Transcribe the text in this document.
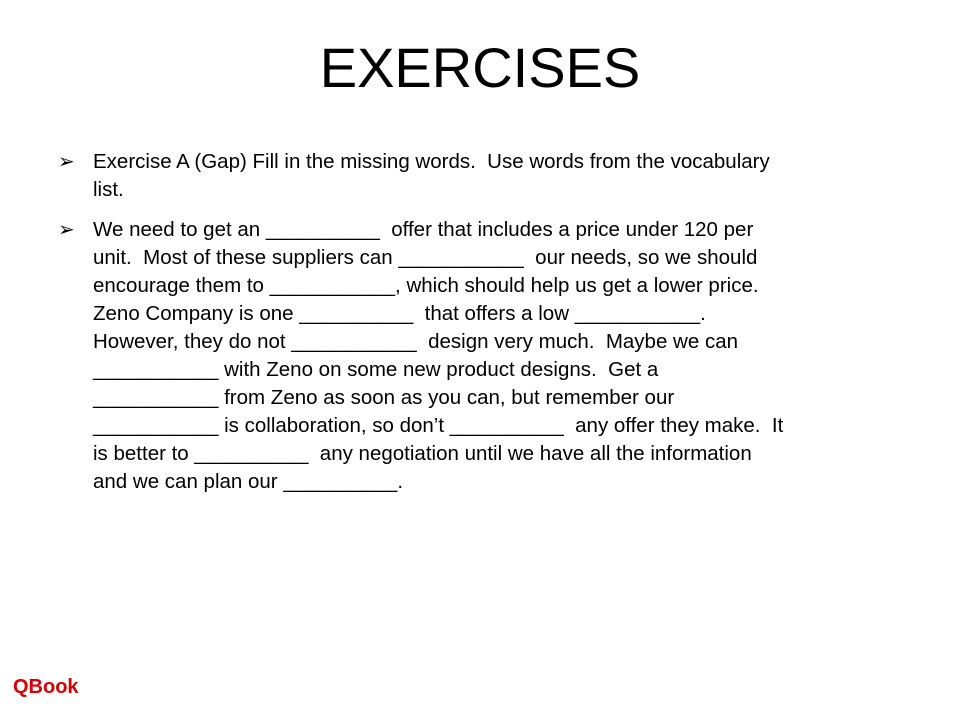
EXERCISES
➢ Exercise A (Gap) Fill in the missing words.  Use words from the vocabulary
list.
➢ We need to get an __________  offer that includes a price under 120 per
unit.  Most of these suppliers can ___________  our needs, so we should
encourage them to ___________, which should help us get a lower price.
Zeno Company is one __________  that offers a low ___________.
However, they do not ___________  design very much.  Maybe we can
___________ with Zeno on some new product designs.  Get a
___________ from Zeno as soon as you can, but remember our
___________ is collaboration, so don’t __________  any offer they make.  It
is better to __________  any negotiation until we have all the information
and we can plan our __________.
QBook
